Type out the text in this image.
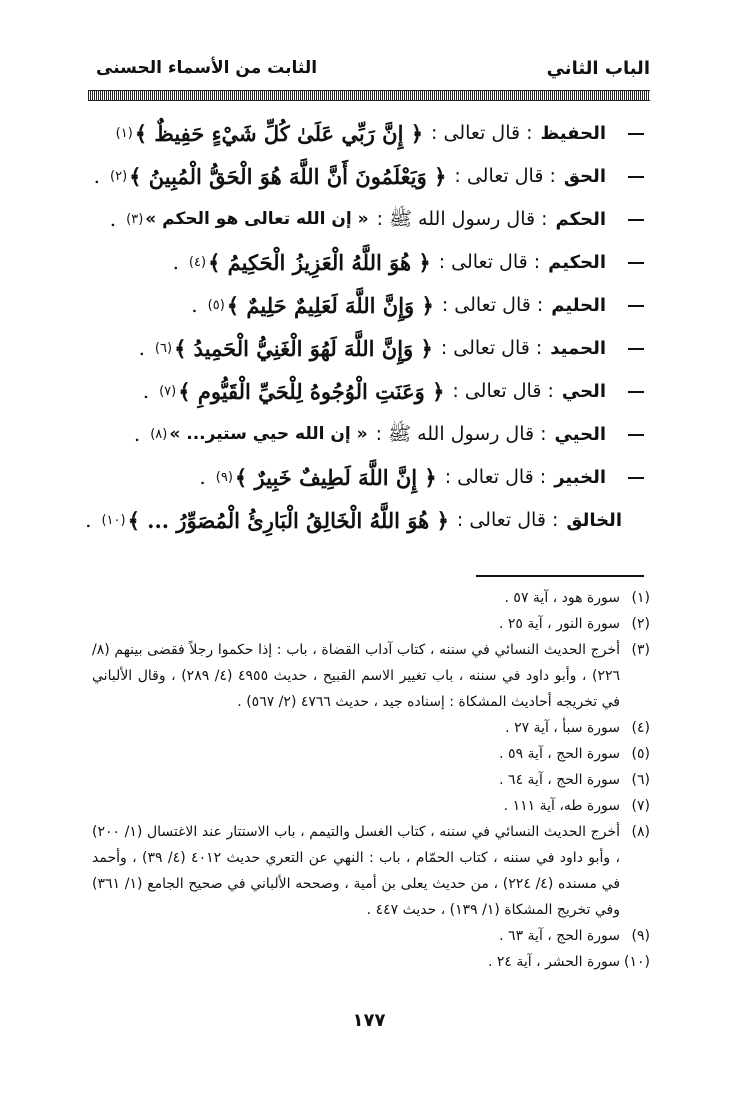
الباب الثاني
الثابت من الأسماء الحسنى
الحفيظ
: قال تعالى :
﴿ إِنَّ رَبِّي عَلَىٰ كُلِّ شَيْءٍ حَفِيظٌ ﴾
(١)
الحق
: قال تعالى :
﴿ وَيَعْلَمُونَ أَنَّ اللَّهَ هُوَ الْحَقُّ الْمُبِينُ ﴾
(٢)
.
الحكم
: قال رسول الله ﷺ :
« إن الله تعالى هو الحكم »
(٣)
.
الحكيم
: قال تعالى :
﴿ هُوَ اللَّهُ الْعَزِيزُ الْحَكِيمُ ﴾
(٤)
.
الحليم
: قال تعالى :
﴿ وَإِنَّ اللَّهَ لَعَلِيمٌ حَلِيمٌ ﴾
(٥)
.
الحميد
: قال تعالى :
﴿ وَإِنَّ اللَّهَ لَهُوَ الْغَنِيُّ الْحَمِيدُ ﴾
(٦)
.
الحي
: قال تعالى :
﴿ وَعَنَتِ الْوُجُوهُ لِلْحَيِّ الْقَيُّومِ ﴾
(٧)
.
الحيي
: قال رسول الله ﷺ :
« إن الله حيي ستير... »
(٨)
.
الخبير
: قال تعالى :
﴿ إِنَّ اللَّهَ لَطِيفٌ خَبِيرٌ ﴾
(٩)
.
الخالق
: قال تعالى :
﴿ هُوَ اللَّهُ الْخَالِقُ الْبَارِئُ الْمُصَوِّرُ ... ﴾
(١٠)
.
(١)
سورة هود ، آية ٥٧ .
(٢)
سورة النور ، آية ٢٥ .
(٣)
أخرج الحديث النسائي في سننه ، كتاب آداب القضاة ، باب : إذا حكموا رجلاً فقضى بينهم (٨/ ٢٢٦) ، وأبو داود في سننه ، باب تغيير الاسم القبيح ، حديث ٤٩٥٥ (٤/ ٢٨٩) ، وقال الألباني في تخريجه أحاديث المشكاة : إسناده جيد ، حديث ٤٧٦٦ (٢/ ٥٦٧) .
(٤)
سورة سبأ ، آية ٢٧ .
(٥)
سورة الحج ، آية ٥٩ .
(٦)
سورة الحج ، آية ٦٤ .
(٧)
سورة طه، آية ١١١ .
(٨)
أخرج الحديث النسائي في سننه ، كتاب الغسل والتيمم ، باب الاستتار عند الاغتسال (١/ ٢٠٠) ، وأبو داود في سننه ، كتاب الحمّام ، باب : النهي عن التعري حديث ٤٠١٢ (٤/ ٣٩) ، وأحمد في مسنده (٤/ ٢٢٤) ، من حديث يعلى بن أمية ، وصححه الألباني في صحيح الجامع (١/ ٣٦١) وفي تخريج المشكاة (١/ ١٣٩) ، حديث ٤٤٧ .
(٩)
سورة الحج ، آية ٦٣ .
(١٠)
سورة الحشر ، آية ٢٤ .
١٧٧
